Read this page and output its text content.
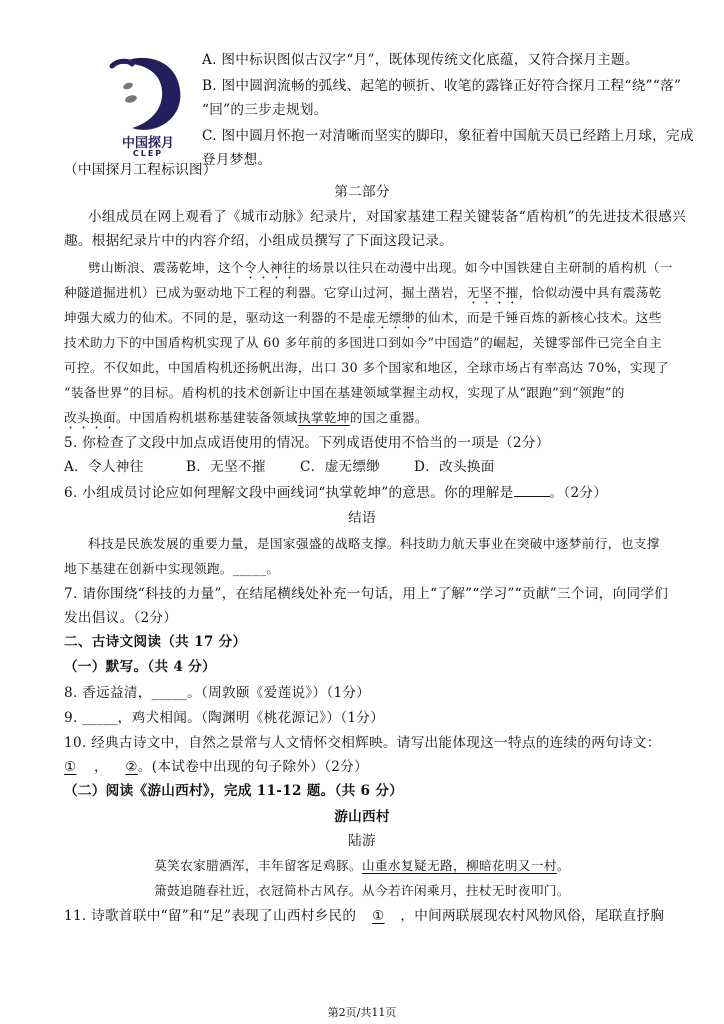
中国探月
CLEP
（中国探月工程标识图）
A. 图中标识图似古汉字“月”，既体现传统文化底蕴，又符合探月主题。
B. 图中圆润流畅的弧线、起笔的顿折、收笔的露锋正好符合探月工程“绕”“落”
“回”的三步走规划。
C. 图中圆月怀抱一对清晰而坚实的脚印，象征着中国航天员已经踏上月球，完成
登月梦想。
第二部分
小组成员在网上观看了《城市动脉》纪录片，对国家基建工程关键装备“盾构机”的先进技术很感兴
趣。根据纪录片中的内容介绍，小组成员撰写了下面这段记录。
劈山断浪、震荡乾坤，这个令人神往的场景以往只在动漫中出现。如今中国铁建自主研制的盾构机（一
种隧道掘进机）已成为驱动地下工程的利器。它穿山过河，掘土凿岩，无坚不摧，恰似动漫中具有震荡乾
坤强大威力的仙术。不同的是，驱动这一利器的不是虚无缥缈的仙术，而是千锤百炼的新核心技术。这些
技术助力下的中国盾构机实现了从 60 多年前的多国进口到如今“中国造”的崛起，关键零部件已完全自主
可控。不仅如此，中国盾构机还扬帆出海，出口 30 多个国家和地区，全球市场占有率高达 70%，实现了
“装备世界”的目标。盾构机的技术创新让中国在基建领域掌握主动权，实现了从“跟跑”到“领跑”的
改头换面。中国盾构机堪称基建装备领域执掌乾坤的国之重器。
5. 你检查了文段中加点成语使用的情况。下列成语使用不恰当的一项是（2分）
A．令人神往	B．无坚不摧	C．虚无缥缈 D．改头换面
6. 小组成员讨论应如何理解文段中画线词“执掌乾坤”的意思。你的理解是	。（2分）
结语
科技是民族发展的重要力量，是国家强盛的战略支撑。科技助力航天事业在突破中逐梦前行，也支撑
地下基建在创新中实现领跑。_____。
7. 请你围绕“科技的力量”，在结尾横线处补充一句话，用上“了解”“学习”“贡献”三个词，向同学们
发出倡议。（2分）
二、古诗文阅读（共 17 分）
（一）默写。（共 4 分）
8. 香远益清，_____。（周敦颐《爱莲说》）（1分）
9. _____，鸡犬相闻。（陶渊明《桃花源记》）（1分）
10. 经典古诗文中，自然之景常与人文情怀交相辉映。请写出能体现这一特点的连续的两句诗文：
① ， ②。(本试卷中出现的句子除外）（2分）
（二）阅读《游山西村》，完成 11-12 题。（共 6 分）
游山西村
陆游
莫笑农家腊酒浑，丰年留客足鸡豚。山重水复疑无路，柳暗花明又一村。
箫鼓追随春社近，衣冠简朴古风存。从今若许闲乘月，拄杖无时夜叩门。
11. 诗歌首联中“留”和“足”表现了山西村乡民的 ① ，中间两联展现农村风物风俗，尾联直抒胸
第2页/共11页
